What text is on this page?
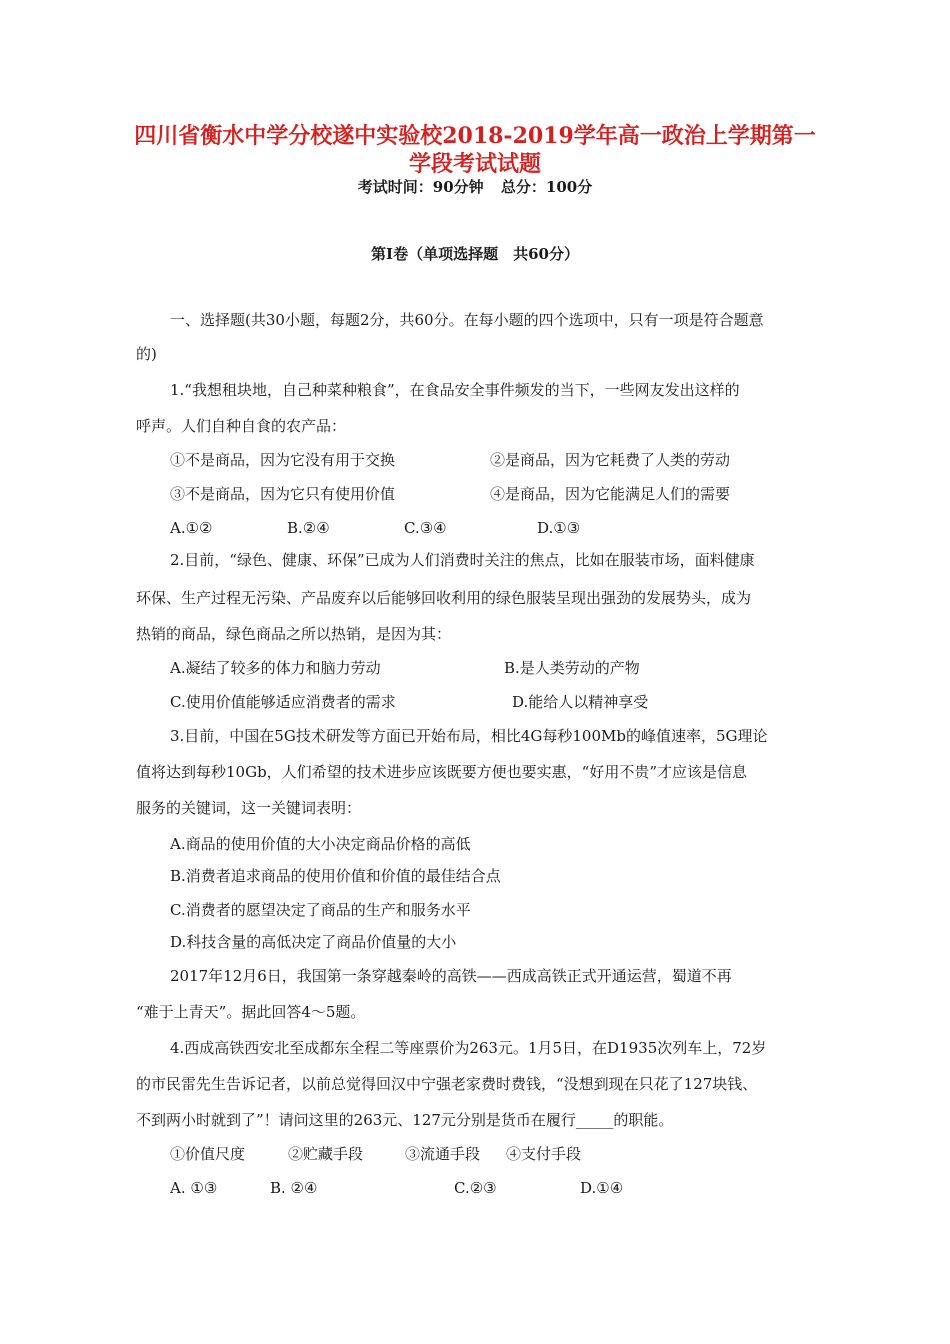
四川省衡水中学分校遂中实验校2018-2019学年高一政治上学期第一
学段考试试题
考试时间：90分钟 总分：100分
第Ⅰ卷（单项选择题　共60分）
一、选择题(共30小题，每题2分，共60分。在每小题的四个选项中，只有一项是符合题意
的)
1.“我想租块地，自己种菜种粮食”，在食品安全事件频发的当下，一些网友发出这样的
呼声。人们自种自食的农产品：
①不是商品，因为它没有用于交换	②是商品，因为它耗费了人类的劳动
③不是商品，因为它只有使用价值	④是商品，因为它能满足人们的需要
A.①②	B.②④	C.③④	D.①③
2.目前，“绿色、健康、环保”已成为人们消费时关注的焦点，比如在服装市场，面料健康
环保、生产过程无污染、产品废弃以后能够回收利用的绿色服装呈现出强劲的发展势头，成为
热销的商品，绿色商品之所以热销，是因为其：
A.凝结了较多的体力和脑力劳动	B.是人类劳动的产物
C.使用价值能够适应消费者的需求	D.能给人以精神享受
3.目前，中国在5G技术研发等方面已开始布局，相比4G每秒100Mb的峰值速率，5G理论
值将达到每秒10Gb，人们希望的技术进步应该既要方便也要实惠，“好用不贵”才应该是信息
服务的关键词，这一关键词表明：
A.商品的使用价值的大小决定商品价格的高低
B.消费者追求商品的使用价值和价值的最佳结合点
C.消费者的愿望决定了商品的生产和服务水平
D.科技含量的高低决定了商品价值量的大小
2017年12月6日，我国第一条穿越秦岭的高铁——西成高铁正式开通运营，蜀道不再
“难于上青天”。据此回答4～5题。
4.西成高铁西安北至成都东全程二等座票价为263元。1月5日，在D1935次列车上，72岁
的市民雷先生告诉记者，以前总觉得回汉中宁强老家费时费钱，“没想到现在只花了127块钱、
不到两小时就到了”！请问这里的263元、127元分别是货币在履行_____的职能。
①价值尺度	②贮藏手段	③流通手段 ④支付手段
A. ①③	B. ②④	C.②③	D.①④
